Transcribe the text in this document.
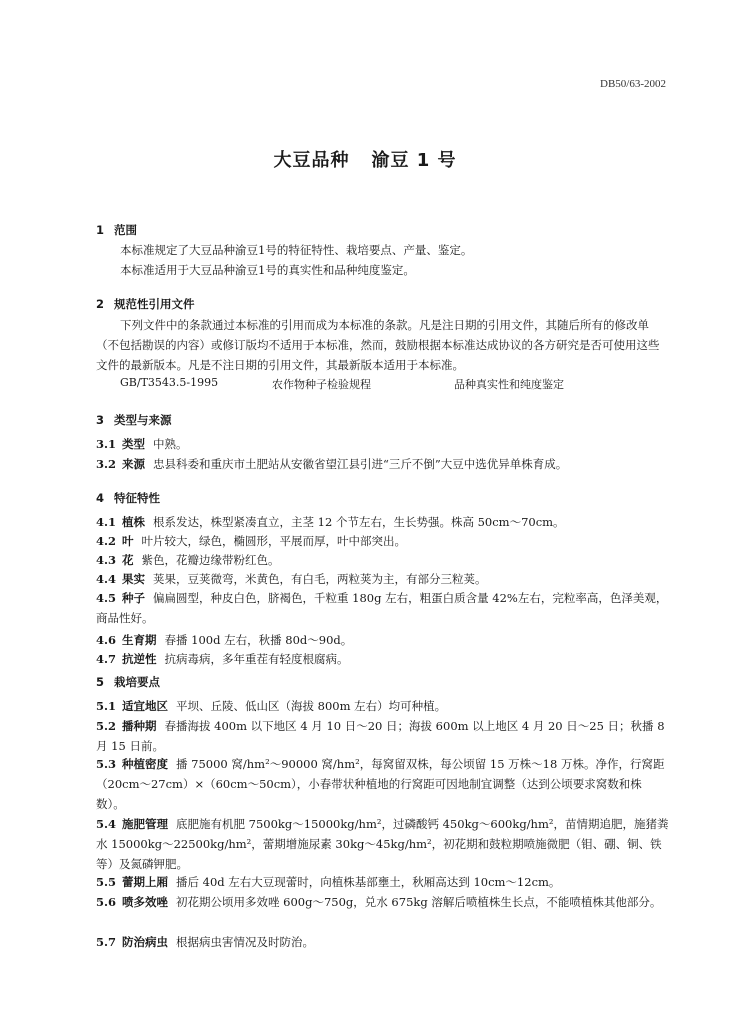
DB50/63-2002
大豆品种 渝豆 1 号
1 范围
本标准规定了大豆品种渝豆1号的特征特性、栽培要点、产量、鉴定。
本标准适用于大豆品种渝豆1号的真实性和品种纯度鉴定。
2 规范性引用文件
下列文件中的条款通过本标准的引用而成为本标准的条款。凡是注日期的引用文件，其随后所有的修改单（不包括勘误的内容）或修订版均不适用于本标准，然而，鼓励根据本标准达成协议的各方研究是否可使用这些文件的最新版本。凡是不注日期的引用文件，其最新版本适用于本标准。
GB/T3543.5-1995	农作物种子检验规程	品种真实性和纯度鉴定
3 类型与来源
3.1 类型 中熟。
3.2 来源 忠县科委和重庆市土肥站从安徽省望江县引进“三斤不倒”大豆中选优异单株育成。
4 特征特性
4.1 植株 根系发达，株型紧凑直立，主茎 12 个节左右，生长势强。株高 50cm～70cm。
4.2 叶 叶片较大，绿色，椭圆形，平展而厚，叶中部突出。
4.3 花 紫色，花瓣边缘带粉红色。
4.4 果实 荚果，豆荚微弯，米黄色，有白毛，两粒荚为主，有部分三粒荚。
4.5 种子 偏扁圆型，种皮白色，脐褐色，千粒重 180g 左右，粗蛋白质含量 42%左右，完粒率高，色泽美观，商品性好。
4.6 生育期 春播 100d 左右，秋播 80d～90d。
4.7 抗逆性 抗病毒病，多年重茬有轻度根腐病。
5 栽培要点
5.1 适宜地区 平坝、丘陵、低山区（海拔 800m 左右）均可种植。
5.2 播种期 春播海拔 400m 以下地区 4 月 10 日～20 日；海拔 600m 以上地区 4 月 20 日～25 日；秋播 8 月 15 日前。
5.3 种植密度 播 75000 窝/hm²～90000 窝/hm²，每窝留双株，每公顷留 15 万株～18 万株。净作，行窝距（20cm～27cm）×（60cm～50cm），小春带状种植地的行窝距可因地制宜调整（达到公顷要求窝数和株数）。
5.4 施肥管理 底肥施有机肥 7500kg～15000kg/hm²，过磷酸钙 450kg～600kg/hm²，苗情期追肥，施猪粪水 15000kg～22500kg/hm²，蕾期增施尿素 30kg～45kg/hm²，初花期和鼓粒期喷施微肥（钼、硼、铜、铁等）及氮磷钾肥。
5.5 蕾期上厢 播后 40d 左右大豆现蕾时，向植株基部壅土，秋厢高达到 10cm～12cm。
5.6 喷多效唑 初花期公顷用多效唑 600g～750g，兑水 675kg 溶解后喷植株生长点，不能喷植株其他部分。
5.7 防治病虫 根据病虫害情况及时防治。
